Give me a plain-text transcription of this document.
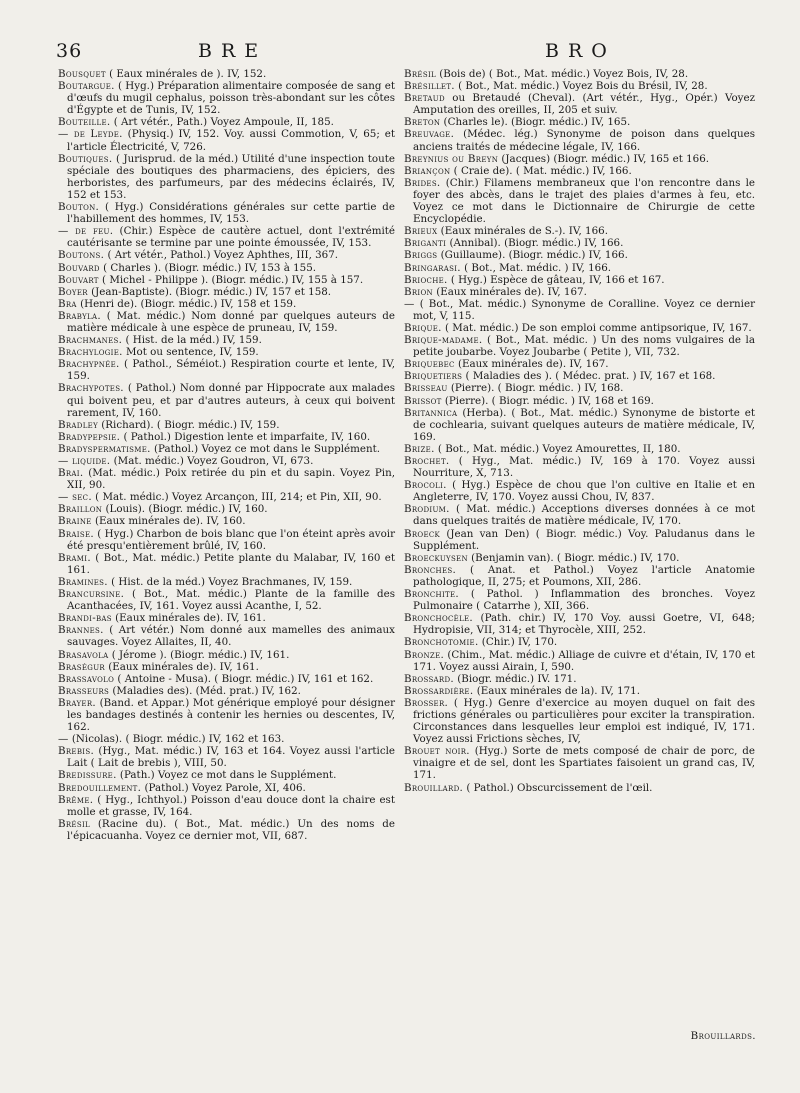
36	BRE	BRO

Bousquet ( Eaux minérales de ). IV, 152.

Boutargue. ( Hyg.) Préparation alimentaire composée de sang et d'œufs du mugil cephalus, poisson très-abondant sur les côtes d'Égypte et de Tunis, IV, 152.

Bouteille. ( Art vétér., Path.) Voyez Ampoule, II, 185.

— de Leyde. (Physiq.) IV, 152. Voy. aussi Commotion, V, 65; et l'article Électricité, V, 726.

Boutiques. ( Jurisprud. de la méd.) Utilité d'une inspection toute spéciale des boutiques des pharmaciens, des épiciers, des herboristes, des parfumeurs, par des médecins éclairés, IV, 152 et 153.

Bouton. ( Hyg.) Considérations générales sur cette partie de l'habillement des hommes, IV, 153.

— de feu. (Chir.) Espèce de cautère actuel, dont l'extrémité cautérisante se termine par une pointe émoussée, IV, 153.

Boutons. ( Art vétér., Pathol.) Voyez Aphthes, III, 367.

Bouvard ( Charles ). (Biogr. médic.) IV, 153 à 155.

Bouvart ( Michel - Philippe ). (Biogr. médic.) IV, 155 à 157.

Boyer (Jean-Baptiste). (Biogr. médic.) IV, 157 et 158.

Bra (Henri de). (Biogr. médic.) IV, 158 et 159.

Brabyla. ( Mat. médic.) Nom donné par quelques auteurs de matière médicale à une espèce de pruneau, IV, 159.

Brachmanes. ( Hist. de la méd.) IV, 159.

Brachylogie. Mot ou sentence, IV, 159.

Brachypnée. ( Pathol., Séméiot.) Respiration courte et lente, IV, 159.

Brachypotes. ( Pathol.) Nom donné par Hippocrate aux malades qui boivent peu, et par d'autres auteurs, à ceux qui boivent rarement, IV, 160.

Bradley (Richard). ( Biogr. médic.) IV, 159.

Bradypepsie. ( Pathol.) Digestion lente et imparfaite, IV, 160.

Bradyspermatisme. (Pathol.) Voyez ce mot dans le Supplément.

— liquide. (Mat. médic.) Voyez Goudron, VI, 673.

Brai. (Mat. médic.) Poix retirée du pin et du sapin. Voyez Pin, XII, 90.

— sec. ( Mat. médic.) Voyez Arcançon, III, 214; et Pin, XII, 90.

Braillon (Louis). (Biogr. médic.) IV, 160.

Braine (Eaux minérales de). IV, 160.

Braise. ( Hyg.) Charbon de bois blanc que l'on éteint après avoir été presqu'entièrement brûlé, IV, 160.

Brami. ( Bot., Mat. médic.) Petite plante du Malabar, IV, 160 et 161.

Bramines. ( Hist. de la méd.) Voyez Brachmanes, IV, 159.

Brancursine. ( Bot., Mat. médic.) Plante de la famille des Acanthacées, IV, 161. Voyez aussi Acanthe, I, 52.

Brandi-bas (Eaux minérales de). IV, 161.

Brannes. ( Art vétér.) Nom donné aux mamelles des animaux sauvages. Voyez Allaites, II, 40.

Brasavola ( Jérome ). (Biogr. médic.) IV, 161.

Braségur (Eaux minérales de). IV, 161.

Brassavolo ( Antoine - Musa). ( Biogr. médic.) IV, 161 et 162.

Brasseurs (Maladies des). (Méd. prat.) IV, 162.

Brayer. (Band. et Appar.) Mot générique employé pour désigner les bandages destinés à contenir les hernies ou descentes, IV, 162.

— (Nicolas). ( Biogr. médic.) IV, 162 et 163.

Brebis. (Hyg., Mat. médic.) IV, 163 et 164. Voyez aussi l'article Lait ( Lait de brebis ), VIII, 50.

Bredissure. (Path.) Voyez ce mot dans le Supplément.

Bredouillement. (Pathol.) Voyez Parole, XI, 406.

Brême. ( Hyg., Ichthyol.) Poisson d'eau douce dont la chaire est molle et grasse, IV, 164.

Brésil (Racine du). ( Bot., Mat. médic.) Un des noms de l'épicacuanha. Voyez ce dernier mot, VII, 687.

Brésil (Bois de) ( Bot., Mat. médic.) Voyez Bois, IV, 28.

Brésillet. ( Bot., Mat. médic.) Voyez Bois du Brésil, IV, 28.

Bretaud ou Bretaudé (Cheval). (Art vétér., Hyg., Opér.) Voyez Amputation des oreilles, II, 205 et suiv.

Breton (Charles le). (Biogr. médic.) IV, 165.

Breuvage. (Médec. lég.) Synonyme de poison dans quelques anciens traités de médecine légale, IV, 166.

Breynius ou Breyn (Jacques) (Biogr. médic.) IV, 165 et 166.

Briançon ( Craie de). ( Mat. médic.) IV, 166.

Brides. (Chir.) Filamens membraneux que l'on rencontre dans le foyer des abcès, dans le trajet des plaies d'armes à feu, etc. Voyez ce mot dans le Dictionnaire de Chirurgie de cette Encyclopédie.

Brieux (Eaux minérales de S.-). IV, 166.

Briganti (Annibal). (Biogr. médic.) IV, 166.

Briggs (Guillaume). (Biogr. médic.) IV, 166.

Bringarasi. ( Bot., Mat. médic. ) IV, 166.

Brioche. ( Hyg.) Espèce de gâteau, IV, 166 et 167.

Brion (Eaux minérales de). IV, 167.

— ( Bot., Mat. médic.) Synonyme de Coralline. Voyez ce dernier mot, V, 115.

Brique. ( Mat. médic.) De son emploi comme antipsorique, IV, 167.

Brique-madame. ( Bot., Mat. médic. ) Un des noms vulgaires de la petite joubarbe. Voyez Joubarbe ( Petite ), VII, 732.

Briquebec (Eaux minérales de). IV, 167.

Briquetiers ( Maladies des ). ( Médec. prat. ) IV, 167 et 168.

Brisseau (Pierre). ( Biogr. médic. ) IV, 168.

Brissot (Pierre). ( Biogr. médic. ) IV, 168 et 169.

Britannica (Herba). ( Bot., Mat. médic.) Synonyme de bistorte et de cochlearia, suivant quelques auteurs de matière médicale, IV, 169.

Brize. ( Bot., Mat. médic.) Voyez Amourettes, II, 180.

Brochet. ( Hyg., Mat. médic.) IV, 169 à 170. Voyez aussi Nourriture, X, 713.

Brocoli. ( Hyg.) Espèce de chou que l'on cultive en Italie et en Angleterre, IV, 170. Voyez aussi Chou, IV, 837.

Brodium. ( Mat. médic.) Acceptions diverses données à ce mot dans quelques traités de matière médicale, IV, 170.

Broeck (Jean van Den) ( Biogr. médic.) Voy. Paludanus dans le Supplément.

Broeckuysen (Benjamin van). ( Biogr. médic.) IV, 170.

Bronches. ( Anat. et Pathol.) Voyez l'article Anatomie pathologique, II, 275; et Poumons, XII, 286.

Bronchite. ( Pathol. ) Inflammation des bronches. Voyez Pulmonaire ( Catarrhe ), XII, 366.

Bronchocèle. (Path. chir.) IV, 170 Voy. aussi Goetre, VI, 648; Hydropisie, VII, 314; et Thyrocèle, XIII, 252.

Bronchotomie. (Chir.) IV, 170.

Bronze. (Chim., Mat. médic.) Alliage de cuivre et d'étain, IV, 170 et 171. Voyez aussi Airain, I, 590.

Brossard. (Biogr. médic.) IV. 171.

Brossardière. (Eaux minérales de la). IV, 171.

Brosser. ( Hyg.) Genre d'exercice au moyen duquel on fait des frictions générales ou particulières pour exciter la transpiration. Circonstances dans lesquelles leur emploi est indiqué, IV, 171. Voyez aussi Frictions sèches, IV,

Brouet noir. (Hyg.) Sorte de mets composé de chair de porc, de vinaigre et de sel, dont les Spartiates faisoient un grand cas, IV, 171.

Brouillard. ( Pathol.) Obscurcissement de l'œil.

Brouillards.
